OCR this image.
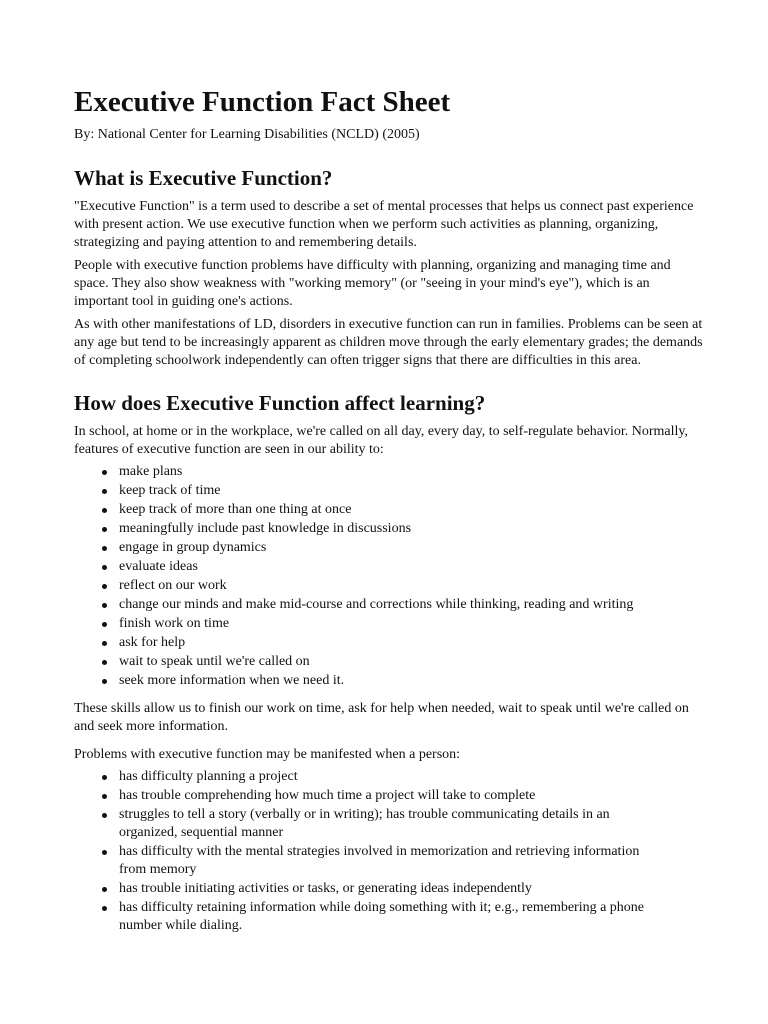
Executive Function Fact Sheet

By: National Center for Learning Disabilities (NCLD) (2005)

What is Executive Function?

"Executive Function" is a term used to describe a set of mental processes that helps us connect past experience with present action. We use executive function when we perform such activities as planning, organizing, strategizing and paying attention to and remembering details.

People with executive function problems have difficulty with planning, organizing and managing time and space. They also show weakness with "working memory" (or "seeing in your mind's eye"), which is an important tool in guiding one's actions.

As with other manifestations of LD, disorders in executive function can run in families. Problems can be seen at any age but tend to be increasingly apparent as children move through the early elementary grades; the demands of completing schoolwork independently can often trigger signs that there are difficulties in this area.

How does Executive Function affect learning?

In school, at home or in the workplace, we're called on all day, every day, to self-regulate behavior. Normally, features of executive function are seen in our ability to:

make plans
keep track of time
keep track of more than one thing at once
meaningfully include past knowledge in discussions
engage in group dynamics
evaluate ideas
reflect on our work
change our minds and make mid-course and corrections while thinking, reading and writing
finish work on time
ask for help
wait to speak until we're called on
seek more information when we need it.

These skills allow us to finish our work on time, ask for help when needed, wait to speak until we're called on and seek more information.

Problems with executive function may be manifested when a person:

has difficulty planning a project
has trouble comprehending how much time a project will take to complete
struggles to tell a story (verbally or in writing); has trouble communicating details in an organized, sequential manner
has difficulty with the mental strategies involved in memorization and retrieving information from memory
has trouble initiating activities or tasks, or generating ideas independently
has difficulty retaining information while doing something with it; e.g., remembering a phone number while dialing.
